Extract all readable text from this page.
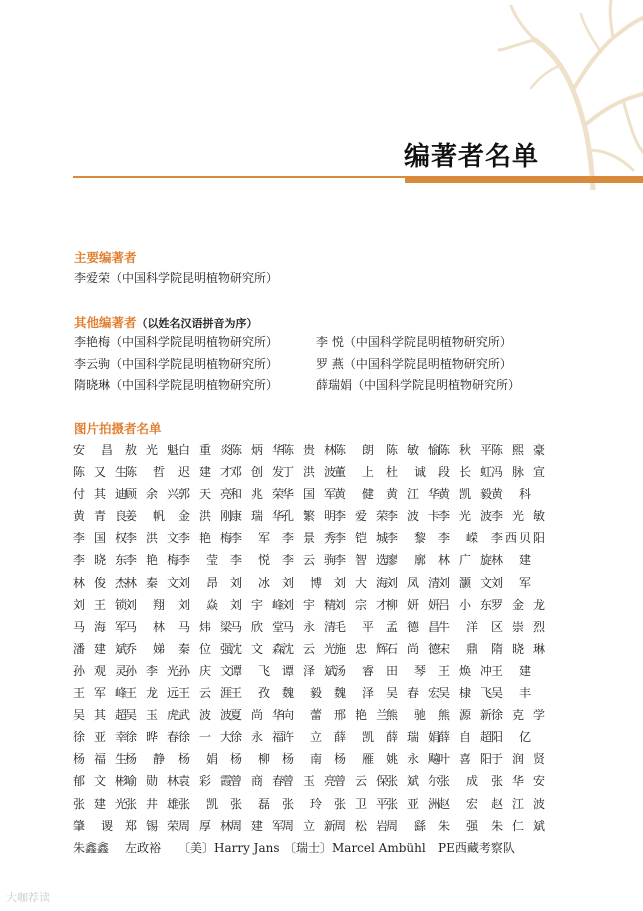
编著者名单
主要编著者
李爱荣（中国科学院昆明植物研究所）
其他编著者（以姓名汉语拼音为序）
李艳梅（中国科学院昆明植物研究所）	李 悦（中国科学院昆明植物研究所）
李云驹（中国科学院昆明植物研究所）	罗 燕（中国科学院昆明植物研究所）
隋晓琳（中国科学院昆明植物研究所）	薛瑞娟（中国科学院昆明植物研究所）
图片拍摄者名单
安昌 敖光魁 白重炎
陈炳华
陈贵林
陈朗 陈敏愉
陈秋平 陈熙豪
陈又生
陈哲 迟建才
邓创发
丁洪波
董上 杜诚 段长虹 冯脉宣
付其迪
顾余兴 郭天亮
和兆荣
华国军
黄健 黄江华
黄凯毅 黄科
黄青良
姜帆 金洪刚
康瑞华
孔繁明
李爱荣
李波卡
李光波 李光敏
李国权
李洪文 李艳梅
李军 李景秀
李铠城
李黎 李嵘 李西贝阳
李晓东
李艳梅 李莹 李悦 李云驹
李智选
廖廓 林广旋 林建
林俊杰
林秦文 刘昂 刘冰 刘博 刘大海
刘凤清
刘灏文 刘军
刘王锁
刘翔 刘焱 刘宇峰
刘宇精
刘宗才
柳妍妍
吕小东 罗金龙
马海军
马林 马炜梁
马欣堂
马永清
毛平 孟德昌
牛洋 区崇烈
潘建斌
乔娣 秦位强
沈文森
沈云光
施忠辉
石尚德
宋鼎 隋晓琳
孙观灵
孙李光 孙庆文
谭飞 谭泽斌
汤睿 田琴 王焕冲 王建
王军峰
王龙远 王云涯
王孜 魏毅 魏泽 吴春宏
吴棣飞 吴丰
吴其超
吴玉虎 武波波
夏尚华
向蕾 邢艳兰
熊驰 熊源新 徐克学
徐亚幸
徐晔春 徐一大
徐永福
许立 薛凯 薛瑞娟
薛自超 阳亿
杨福生
杨静 杨娟 杨柳 杨南 杨雁 姚永飚
叶喜阳 于润贤
郁文彬
喻勋林 袁彩霞
曾商春
曾玉亮
曾云保
张斌尔
张成 张华安
张建光
张井雄 张凯 张磊 张玲 张卫平
张亚洲
赵宏 赵江波
肇谡 郑锡荣 周厚林
周建军
周立新
周松岩
周繇 朱强 朱仁斌
朱鑫鑫 左政裕 〔美〕Harry Jans 〔瑞士〕Marcel Ambühl PE西藏考察队
大咖荐读
